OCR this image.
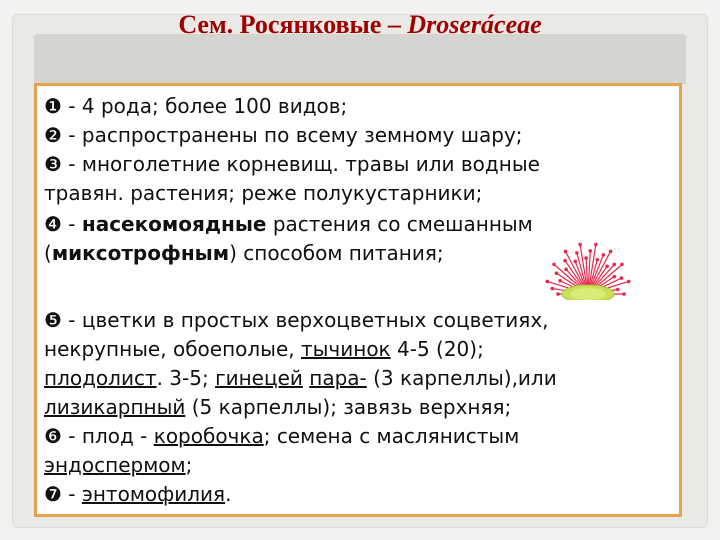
Сем. Росянковые – Droseráceae
❶ - 4 рода; более 100 видов;
❷ - распространены по всему земному шару;
❸ - многолетние корневищ. травы или водные
травян. растения; реже полукустарники;
❹ - насекомоядные растения со смешанным
(миксотрофным) способом питания;
❺ - цветки в простых верхоцветных соцветиях,
некрупные, обоеполые, тычинок 4-5 (20);
плодолист. 3-5; гинецей пара- (3 карпеллы),или
лизикарпный (5 карпеллы); завязь верхняя;
❻ - плод - коробочка; семена с маслянистым
эндоспермом;
❼ - энтомофилия.
